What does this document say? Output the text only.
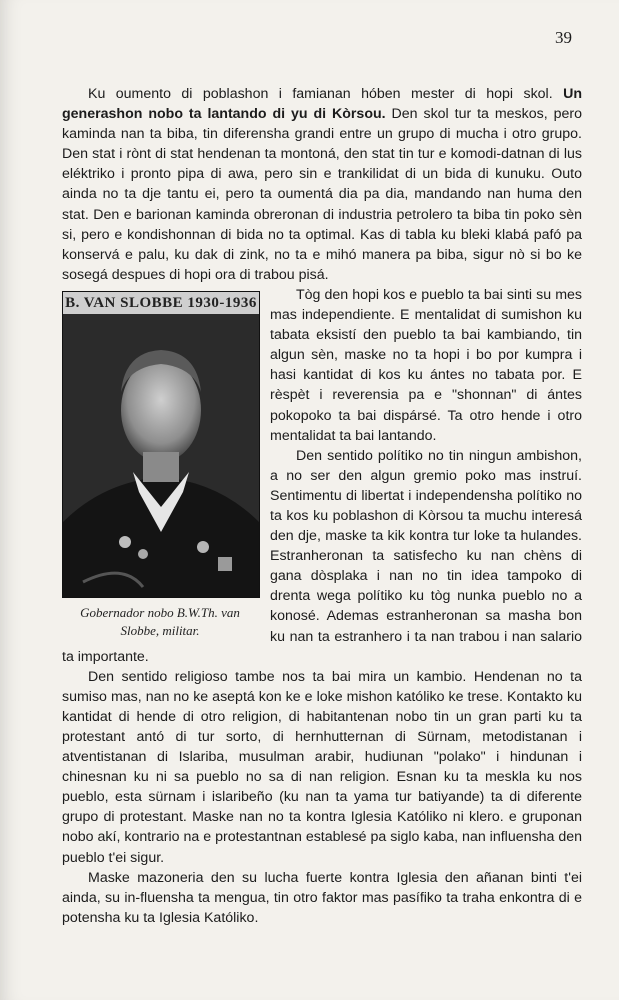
39

Ku oumento di poblashon i famianan hóben mester di hopi skol. Un generashon nobo ta lantando di yu di Kòrsou. Den skol tur ta meskos, pero kaminda nan ta biba, tin diferensha grandi entre un grupo di mucha i otro grupo. Den stat i rònt di stat hendenan ta montoná, den stat tin tur e komodi-datnan di lus eléktriko i pronto pipa di awa, pero sin e trankilidat di un bida di kunuku. Outo ainda no ta dje tantu ei, pero ta oumentá dia pa dia, mandando nan huma den stat. Den e barionan kaminda obreronan di industria petrolero ta biba tin poko sèn si, pero e kondishonnan di bida no ta optimal. Kas di tabla ku bleki klabá pafó pa konservá e palu, ku dak di zink, no ta e mihó manera pa biba, sigur nò si bo ke sosegá despues di hopi ora di trabou pisá.

B. VAN SLOBBE 1930-1936
Gobernador nobo B.W.Th. van Slobbe, militar.

Tòg den hopi kos e pueblo ta bai sinti su mes mas independiente. E mentalidat di sumishon ku tabata eksistí den pueblo ta bai kambiando, tin algun sèn, maske no ta hopi i bo por kumpra i hasi kantidat di kos ku ántes no tabata por. E rèspèt i reverensia pa e "shonnan" di ántes pokopoko ta bai dispársé. Ta otro hende i otro mentalidat ta bai lantando.

Den sentido polítiko no tin ningun ambishon, a no ser den algun gremio poko mas instruí. Sentimentu di libertat i independensha polítiko no ta kos ku poblashon di Kòrsou ta muchu interesá den dje, maske ta kik kontra tur loke ta hulandes. Estranheronan ta satisfecho ku nan chèns di gana dòsplaka i nan no tin idea tampoko di drenta wega polítiko ku tòg nunka pueblo no a konosé. Ademas estranheronan sa masha bon ku nan ta estranhero i ta nan trabou i nan salario ta importante.

Den sentido religioso tambe nos ta bai mira un kambio. Hendenan no ta sumiso mas, nan no ke aseptá kon ke e loke mishon katóliko ke trese. Kontakto ku kantidat di hende di otro religion, di habitantenan nobo tin un gran parti ku ta protestant antó di tur sorto, di hernhutternan di Sürnam, metodistanan i atventistanan di Islariba, musulman arabir, hudiunan "polako" i hindunan i chinesnan ku ni sa pueblo no sa di nan religion. Esnan ku ta meskla ku nos pueblo, esta sürnam i islaribeño (ku nan ta yama tur batiyande) ta di diferente grupo di protestant. Maske nan no ta kontra Iglesia Katóliko ni klero. e gruponan nobo akí, kontrario na e protestantnan establesé pa siglo kaba, nan influensha den pueblo t'ei sigur.

Maske mazoneria den su lucha fuerte kontra Iglesia den añanan binti t'ei ainda, su in-fluensha ta mengua, tin otro faktor mas pasífiko ta traha enkontra di e potensha ku ta Iglesia Katóliko.
